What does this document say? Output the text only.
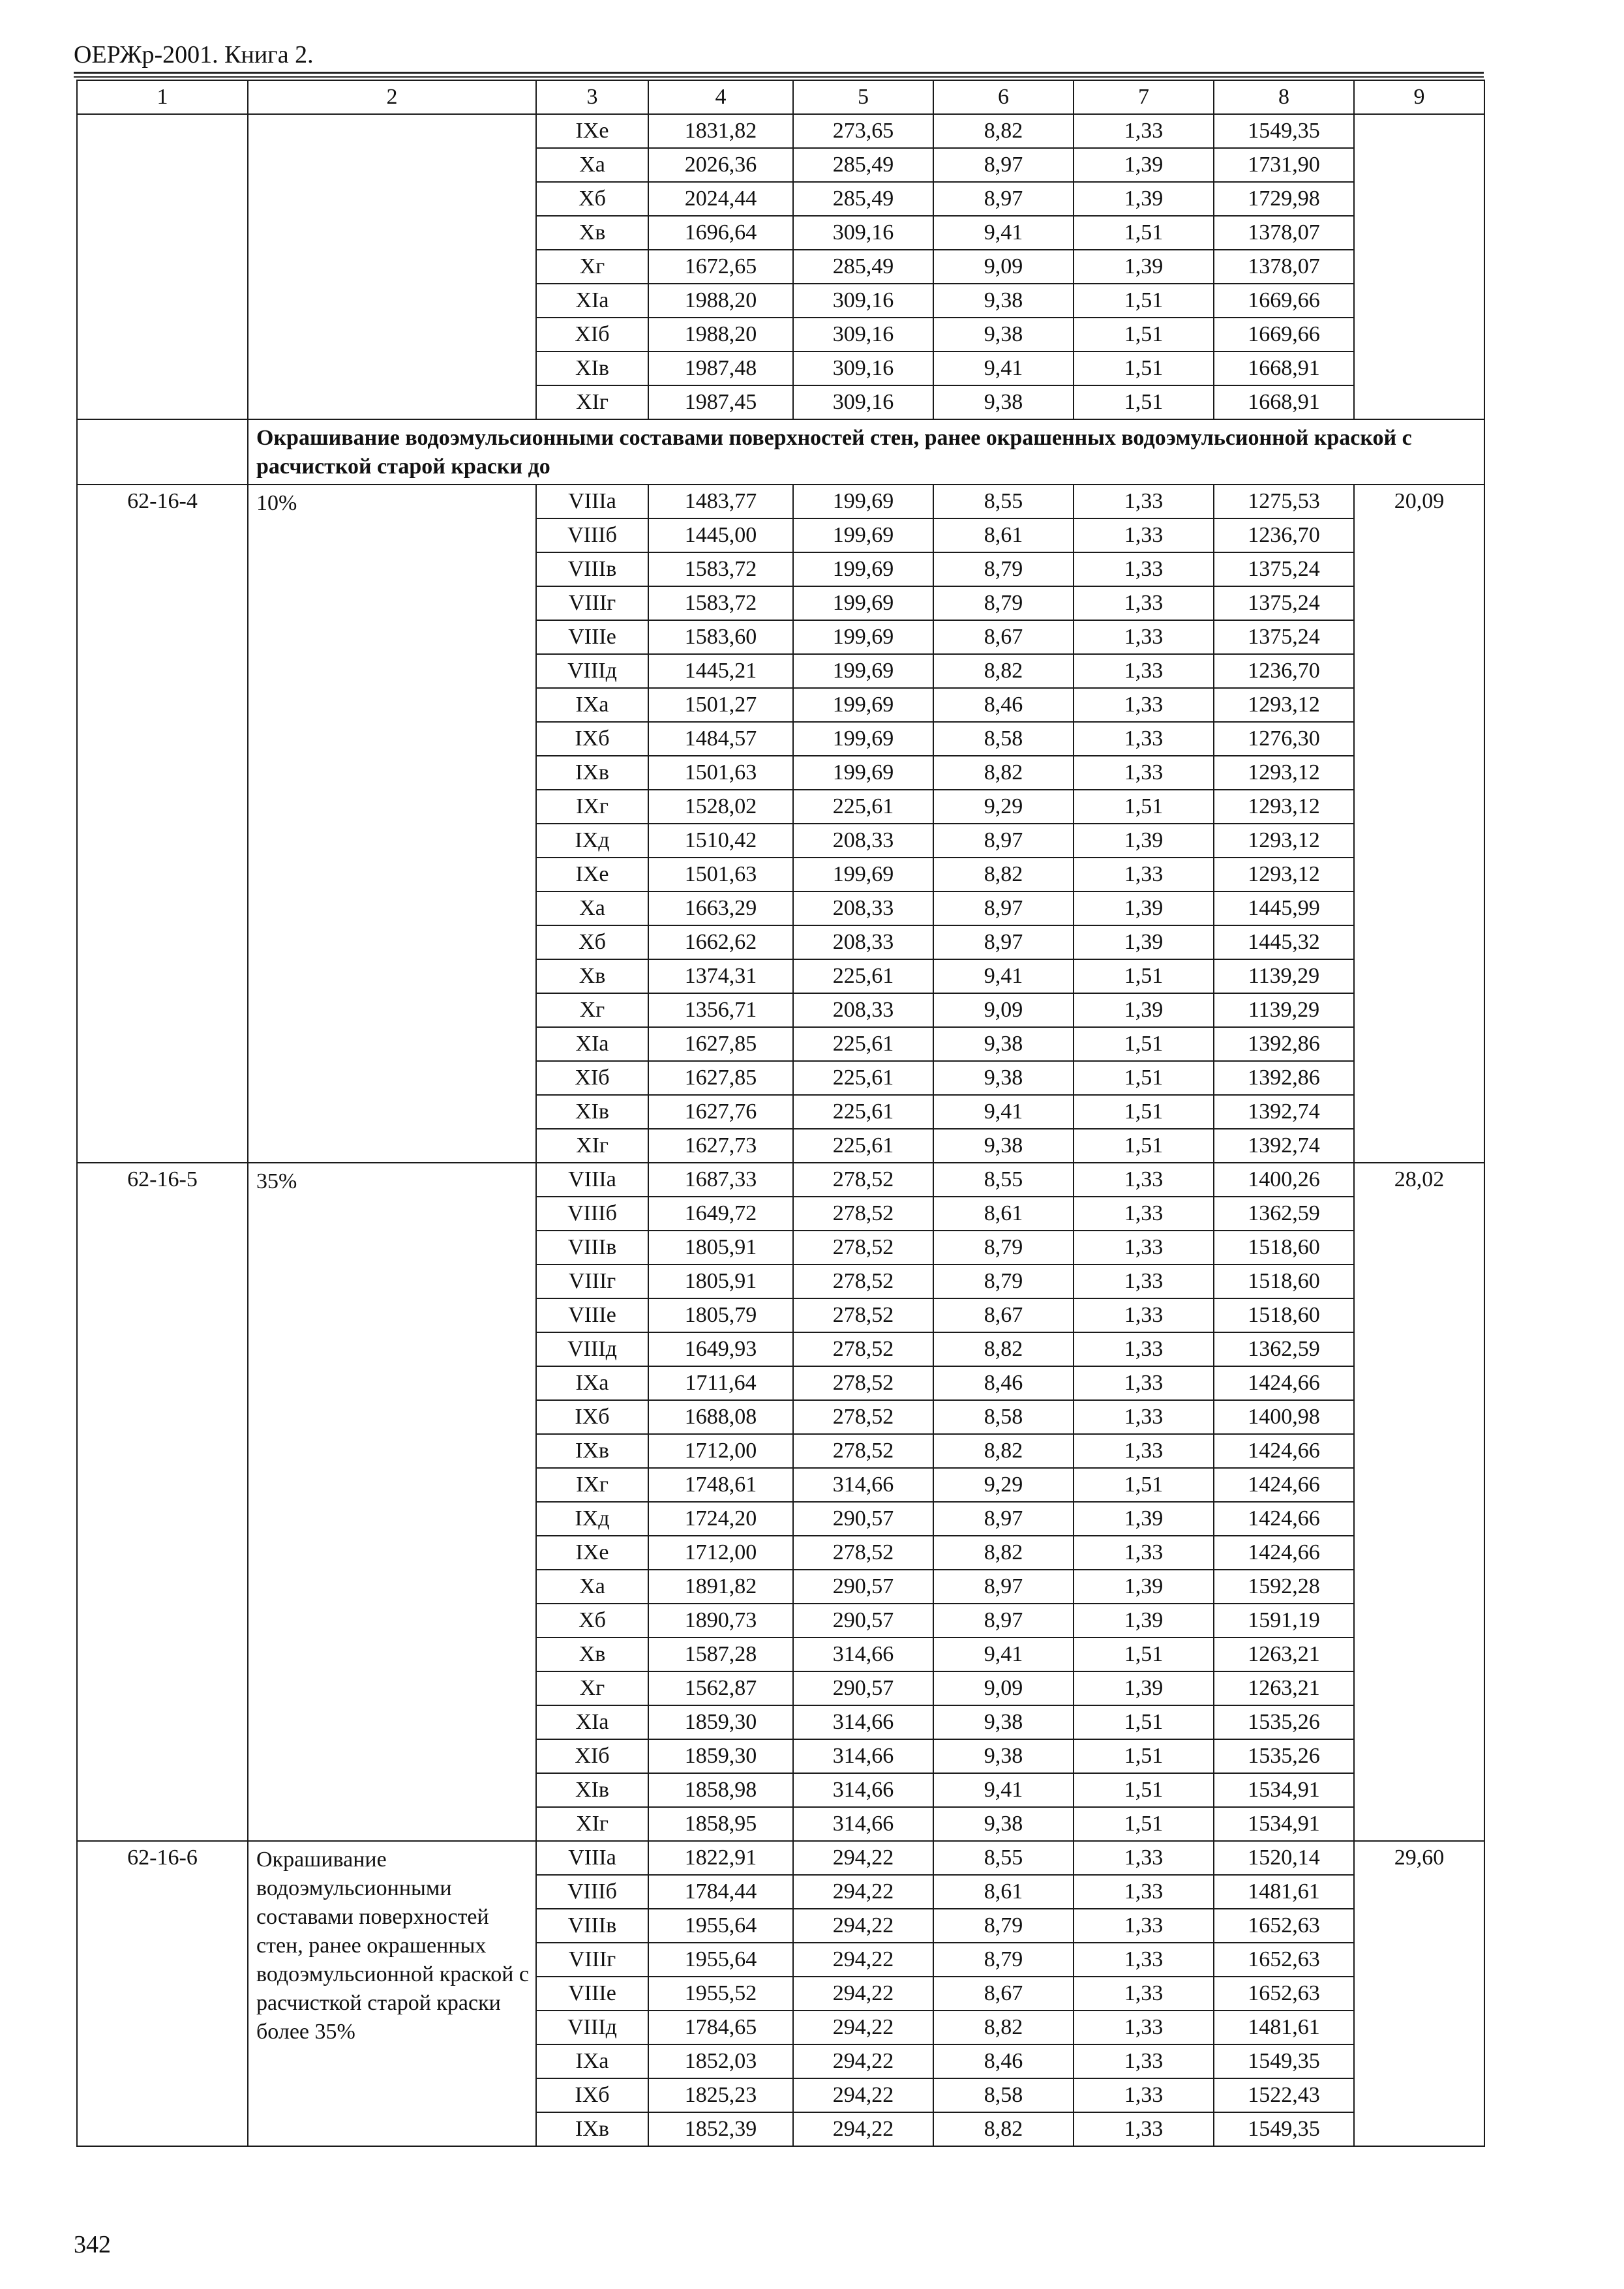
ОЕРЖр-2001. Книга 2.
1	2	3	4	5	6	7	8	9
		IXе	1831,82	273,65	8,82	1,33	1549,35	
		Xа	2026,36	285,49	8,97	1,39	1731,90	
		Xб	2024,44	285,49	8,97	1,39	1729,98	
		Xв	1696,64	309,16	9,41	1,51	1378,07	
		Xг	1672,65	285,49	9,09	1,39	1378,07	
		XIа	1988,20	309,16	9,38	1,51	1669,66	
		XIб	1988,20	309,16	9,38	1,51	1669,66	
		XIв	1987,48	309,16	9,41	1,51	1668,91	
		XIг	1987,45	309,16	9,38	1,51	1668,91	
	Окрашивание водоэмульсионными составами поверхностей стен, ранее окрашенных водоэмульсионной краской с расчисткой старой краски до							
62-16-4	10%	VIIIа	1483,77	199,69	8,55	1,33	1275,53	20,09
		VIIIб	1445,00	199,69	8,61	1,33	1236,70	
		VIIIв	1583,72	199,69	8,79	1,33	1375,24	
		VIIIг	1583,72	199,69	8,79	1,33	1375,24	
		VIIIе	1583,60	199,69	8,67	1,33	1375,24	
		VIIIд	1445,21	199,69	8,82	1,33	1236,70	
		IXа	1501,27	199,69	8,46	1,33	1293,12	
		IXб	1484,57	199,69	8,58	1,33	1276,30	
		IXв	1501,63	199,69	8,82	1,33	1293,12	
		IXг	1528,02	225,61	9,29	1,51	1293,12	
		IXд	1510,42	208,33	8,97	1,39	1293,12	
		IXе	1501,63	199,69	8,82	1,33	1293,12	
		Xа	1663,29	208,33	8,97	1,39	1445,99	
		Xб	1662,62	208,33	8,97	1,39	1445,32	
		Xв	1374,31	225,61	9,41	1,51	1139,29	
		Xг	1356,71	208,33	9,09	1,39	1139,29	
		XIа	1627,85	225,61	9,38	1,51	1392,86	
		XIб	1627,85	225,61	9,38	1,51	1392,86	
		XIв	1627,76	225,61	9,41	1,51	1392,74	
		XIг	1627,73	225,61	9,38	1,51	1392,74	
62-16-5	35%	VIIIа	1687,33	278,52	8,55	1,33	1400,26	28,02
		VIIIб	1649,72	278,52	8,61	1,33	1362,59	
		VIIIв	1805,91	278,52	8,79	1,33	1518,60	
		VIIIг	1805,91	278,52	8,79	1,33	1518,60	
		VIIIе	1805,79	278,52	8,67	1,33	1518,60	
		VIIIд	1649,93	278,52	8,82	1,33	1362,59	
		IXа	1711,64	278,52	8,46	1,33	1424,66	
		IXб	1688,08	278,52	8,58	1,33	1400,98	
		IXв	1712,00	278,52	8,82	1,33	1424,66	
		IXг	1748,61	314,66	9,29	1,51	1424,66	
		IXд	1724,20	290,57	8,97	1,39	1424,66	
		IXе	1712,00	278,52	8,82	1,33	1424,66	
		Xа	1891,82	290,57	8,97	1,39	1592,28	
		Xб	1890,73	290,57	8,97	1,39	1591,19	
		Xв	1587,28	314,66	9,41	1,51	1263,21	
		Xг	1562,87	290,57	9,09	1,39	1263,21	
		XIа	1859,30	314,66	9,38	1,51	1535,26	
		XIб	1859,30	314,66	9,38	1,51	1535,26	
		XIв	1858,98	314,66	9,41	1,51	1534,91	
		XIг	1858,95	314,66	9,38	1,51	1534,91	
62-16-6	Окрашивание водоэмульсионными составами поверхностей стен, ранее окрашенных водоэмульсионной краской с расчисткой старой краски более 35%	VIIIа	1822,91	294,22	8,55	1,33	1520,14	29,60
		VIIIб	1784,44	294,22	8,61	1,33	1481,61	
		VIIIв	1955,64	294,22	8,79	1,33	1652,63	
		VIIIг	1955,64	294,22	8,79	1,33	1652,63	
		VIIIе	1955,52	294,22	8,67	1,33	1652,63	
		VIIIд	1784,65	294,22	8,82	1,33	1481,61	
		IXа	1852,03	294,22	8,46	1,33	1549,35	
		IXб	1825,23	294,22	8,58	1,33	1522,43	
		IXв	1852,39	294,22	8,82	1,33	1549,35	
342
